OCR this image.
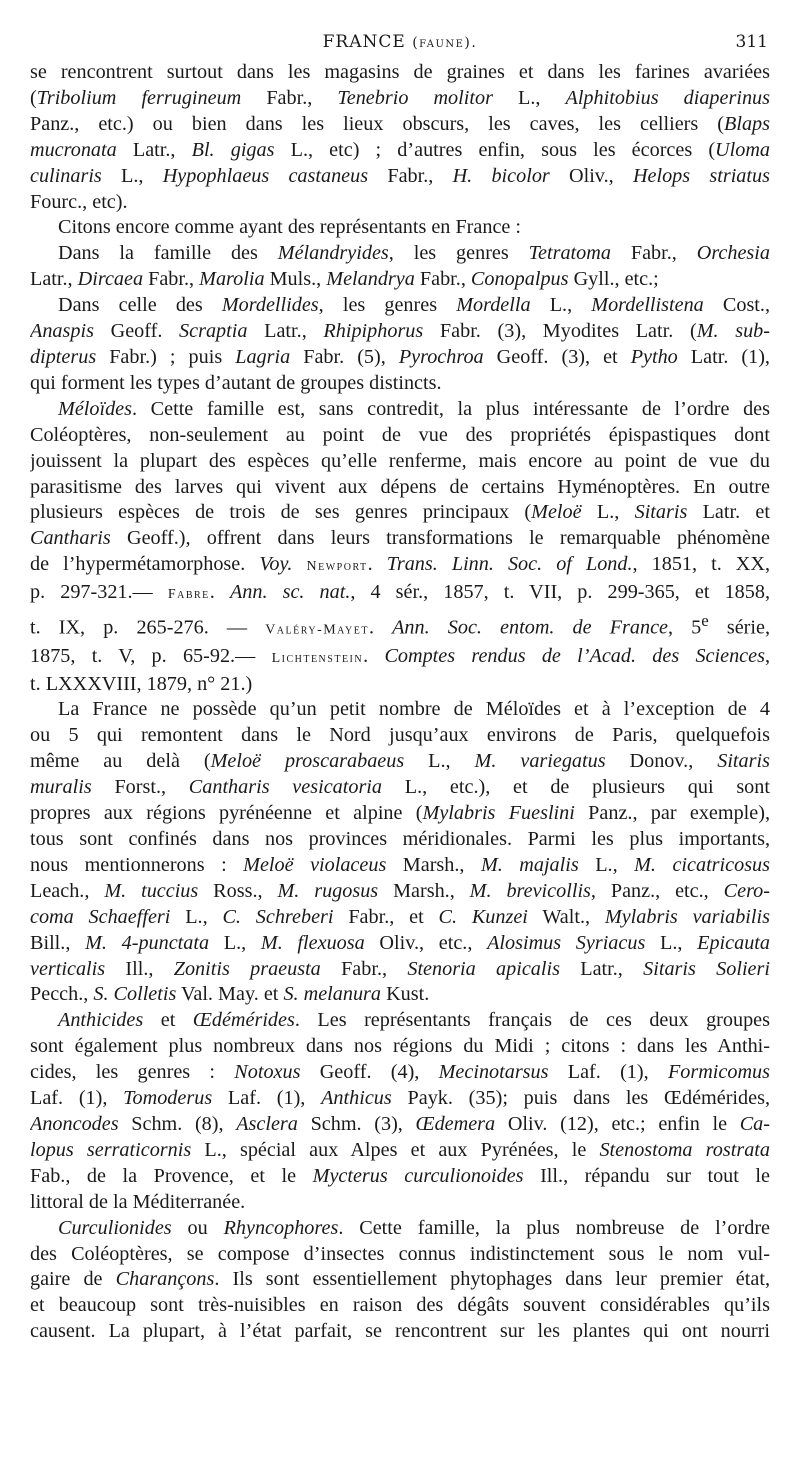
FRANCE (faune).	311
se rencontrent surtout dans les magasins de graines et dans les farines avariées
(Tribolium ferrugineum Fabr., Tenebrio molitor L., Alphitobius diaperinus
Panz., etc.) ou bien dans les lieux obscurs, les caves, les celliers (Blaps
mucronata Latr., Bl. gigas L., etc) ; d’autres enfin, sous les écorces (Uloma
culinaris L., Hypophlaeus castaneus Fabr., H. bicolor Oliv., Helops striatus
Fourc., etc).
Citons encore comme ayant des représentants en France :
Dans la famille des Mélandryides, les genres Tetratoma Fabr., Orchesia
Latr., Dircaea Fabr., Marolia Muls., Melandrya Fabr., Conopalpus Gyll., etc.;
Dans celle des Mordellides, les genres Mordella L., Mordellistena Cost.,
Anaspis Geoff. Scraptia Latr., Rhipiphorus Fabr. (3), Myodites Latr. (M. sub-
dipterus Fabr.) ; puis Lagria Fabr. (5), Pyrochroa Geoff. (3), et Pytho Latr. (1),
qui forment les types d’autant de groupes distincts.
Méloïdes. Cette famille est, sans contredit, la plus intéressante de l’ordre des
Coléoptères, non-seulement au point de vue des propriétés épispastiques dont
jouissent la plupart des espèces qu’elle renferme, mais encore au point de vue du
parasitisme des larves qui vivent aux dépens de certains Hyménoptères. En outre
plusieurs espèces de trois de ses genres principaux (Meloë L., Sitaris Latr. et
Cantharis Geoff.), offrent dans leurs transformations le remarquable phénomène
de l’hypermétamorphose. Voy. Newport. Trans. Linn. Soc. of Lond., 1851, t. XX,
p. 297-321.— Fabre. Ann. sc. nat., 4 sér., 1857, t. VII, p. 299-365, et 1858,
t. IX, p. 265-276. — Valéry-Mayet. Ann. Soc. entom. de France, 5e série,
1875, t. V, p. 65-92.— Lichtenstein. Comptes rendus de l’Acad. des Sciences,
t. LXXXVIII, 1879, n° 21.)
La France ne possède qu’un petit nombre de Méloïdes et à l’exception de 4
ou 5 qui remontent dans le Nord jusqu’aux environs de Paris, quelquefois
même au delà (Meloë proscarabaeus L., M. variegatus Donov., Sitaris
muralis Forst., Cantharis vesicatoria L., etc.), et de plusieurs qui sont
propres aux régions pyrénéenne et alpine (Mylabris Fueslini Panz., par exemple),
tous sont confinés dans nos provinces méridionales. Parmi les plus importants,
nous mentionnerons : Meloë violaceus Marsh., M. majalis L., M. cicatricosus
Leach., M. tuccius Ross., M. rugosus Marsh., M. brevicollis, Panz., etc., Cero-
coma Schaefferi L., C. Schreberi Fabr., et C. Kunzei Walt., Mylabris variabilis
Bill., M. 4-punctata L., M. flexuosa Oliv., etc., Alosimus Syriacus L., Epicauta
verticalis Ill., Zonitis praeusta Fabr., Stenoria apicalis Latr., Sitaris Solieri
Pecch., S. Colletis Val. May. et S. melanura Kust.
Anthicides et Œdémérides. Les représentants français de ces deux groupes
sont également plus nombreux dans nos régions du Midi ; citons : dans les Anthi-
cides, les genres : Notoxus Geoff. (4), Mecinotarsus Laf. (1), Formicomus
Laf. (1), Tomoderus Laf. (1), Anthicus Payk. (35); puis dans les Œdémérides,
Anoncodes Schm. (8), Asclera Schm. (3), Œdemera Oliv. (12), etc.; enfin le Ca-
lopus serraticornis L., spécial aux Alpes et aux Pyrénées, le Stenostoma rostrata
Fab., de la Provence, et le Mycterus curculionoides Ill., répandu sur tout le
littoral de la Méditerranée.
Curculionides ou Rhyncophores. Cette famille, la plus nombreuse de l’ordre
des Coléoptères, se compose d’insectes connus indistinctement sous le nom vul-
gaire de Charançons. Ils sont essentiellement phytophages dans leur premier état,
et beaucoup sont très-nuisibles en raison des dégâts souvent considérables qu’ils
causent. La plupart, à l’état parfait, se rencontrent sur les plantes qui ont nourri
